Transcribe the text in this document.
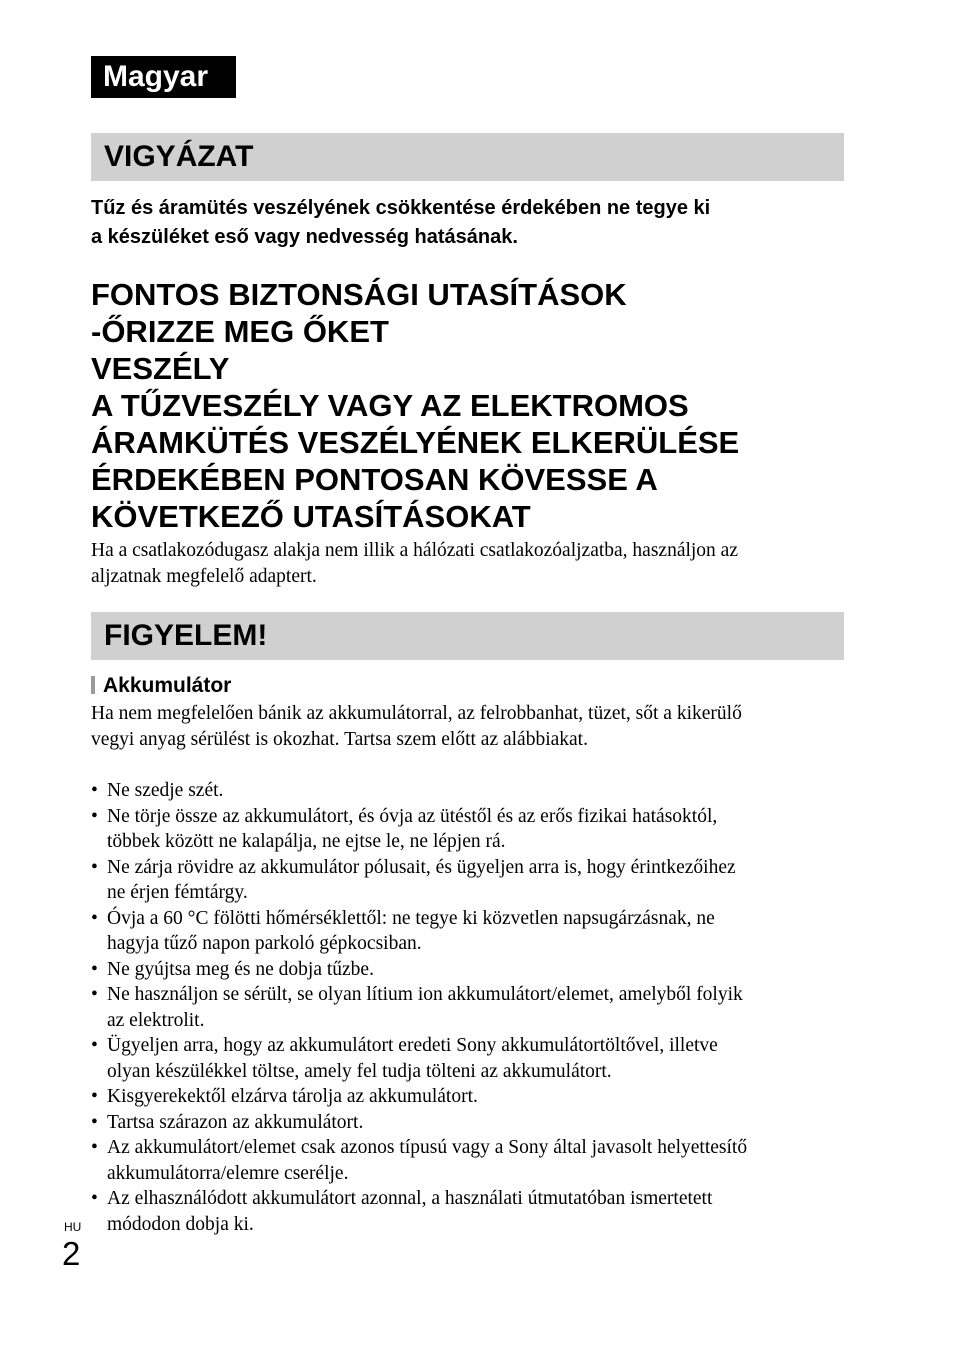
Magyar
VIGYÁZAT
Tűz és áramütés veszélyének csökkentése érdekében ne tegye ki
a készüléket eső vagy nedvesség hatásának.
FONTOS BIZTONSÁGI UTASÍTÁSOK
-ŐRIZZE MEG ŐKET
VESZÉLY
A TŰZVESZÉLY VAGY AZ ELEKTROMOS
ÁRAMKÜTÉS VESZÉLYÉNEK ELKERÜLÉSE
ÉRDEKÉBEN PONTOSAN KÖVESSE A
KÖVETKEZŐ UTASÍTÁSOKAT
Ha a csatlakozódugasz alakja nem illik a hálózati csatlakozóaljzatba, használjon az
aljzatnak megfelelő adaptert.
FIGYELEM!
Akkumulátor
Ha nem megfelelően bánik az akkumulátorral, az felrobbanhat, tüzet, sőt a kikerülő
vegyi anyag sérülést is okozhat. Tartsa szem előtt az alábbiakat.
• Ne szedje szét.
• Ne törje össze az akkumulátort, és óvja az ütéstől és az erős fizikai hatásoktól,
többek között ne kalapálja, ne ejtse le, ne lépjen rá.
• Ne zárja rövidre az akkumulátor pólusait, és ügyeljen arra is, hogy érintkezőihez
ne érjen fémtárgy.
• Óvja a 60 °C fölötti hőmérséklettől: ne tegye ki közvetlen napsugárzásnak, ne
hagyja tűző napon parkoló gépkocsiban.
• Ne gyújtsa meg és ne dobja tűzbe.
• Ne használjon se sérült, se olyan lítium ion akkumulátort/elemet, amelyből folyik
az elektrolit.
• Ügyeljen arra, hogy az akkumulátort eredeti Sony akkumulátortöltővel, illetve
olyan készülékkel töltse, amely fel tudja tölteni az akkumulátort.
• Kisgyerekektől elzárva tárolja az akkumulátort.
• Tartsa szárazon az akkumulátort.
• Az akkumulátort/elemet csak azonos típusú vagy a Sony által javasolt helyettesítő
akkumulátorra/elemre cserélje.
• Az elhasználódott akkumulátort azonnal, a használati útmutatóban ismertetett
módodon dobja ki.
HU
2
